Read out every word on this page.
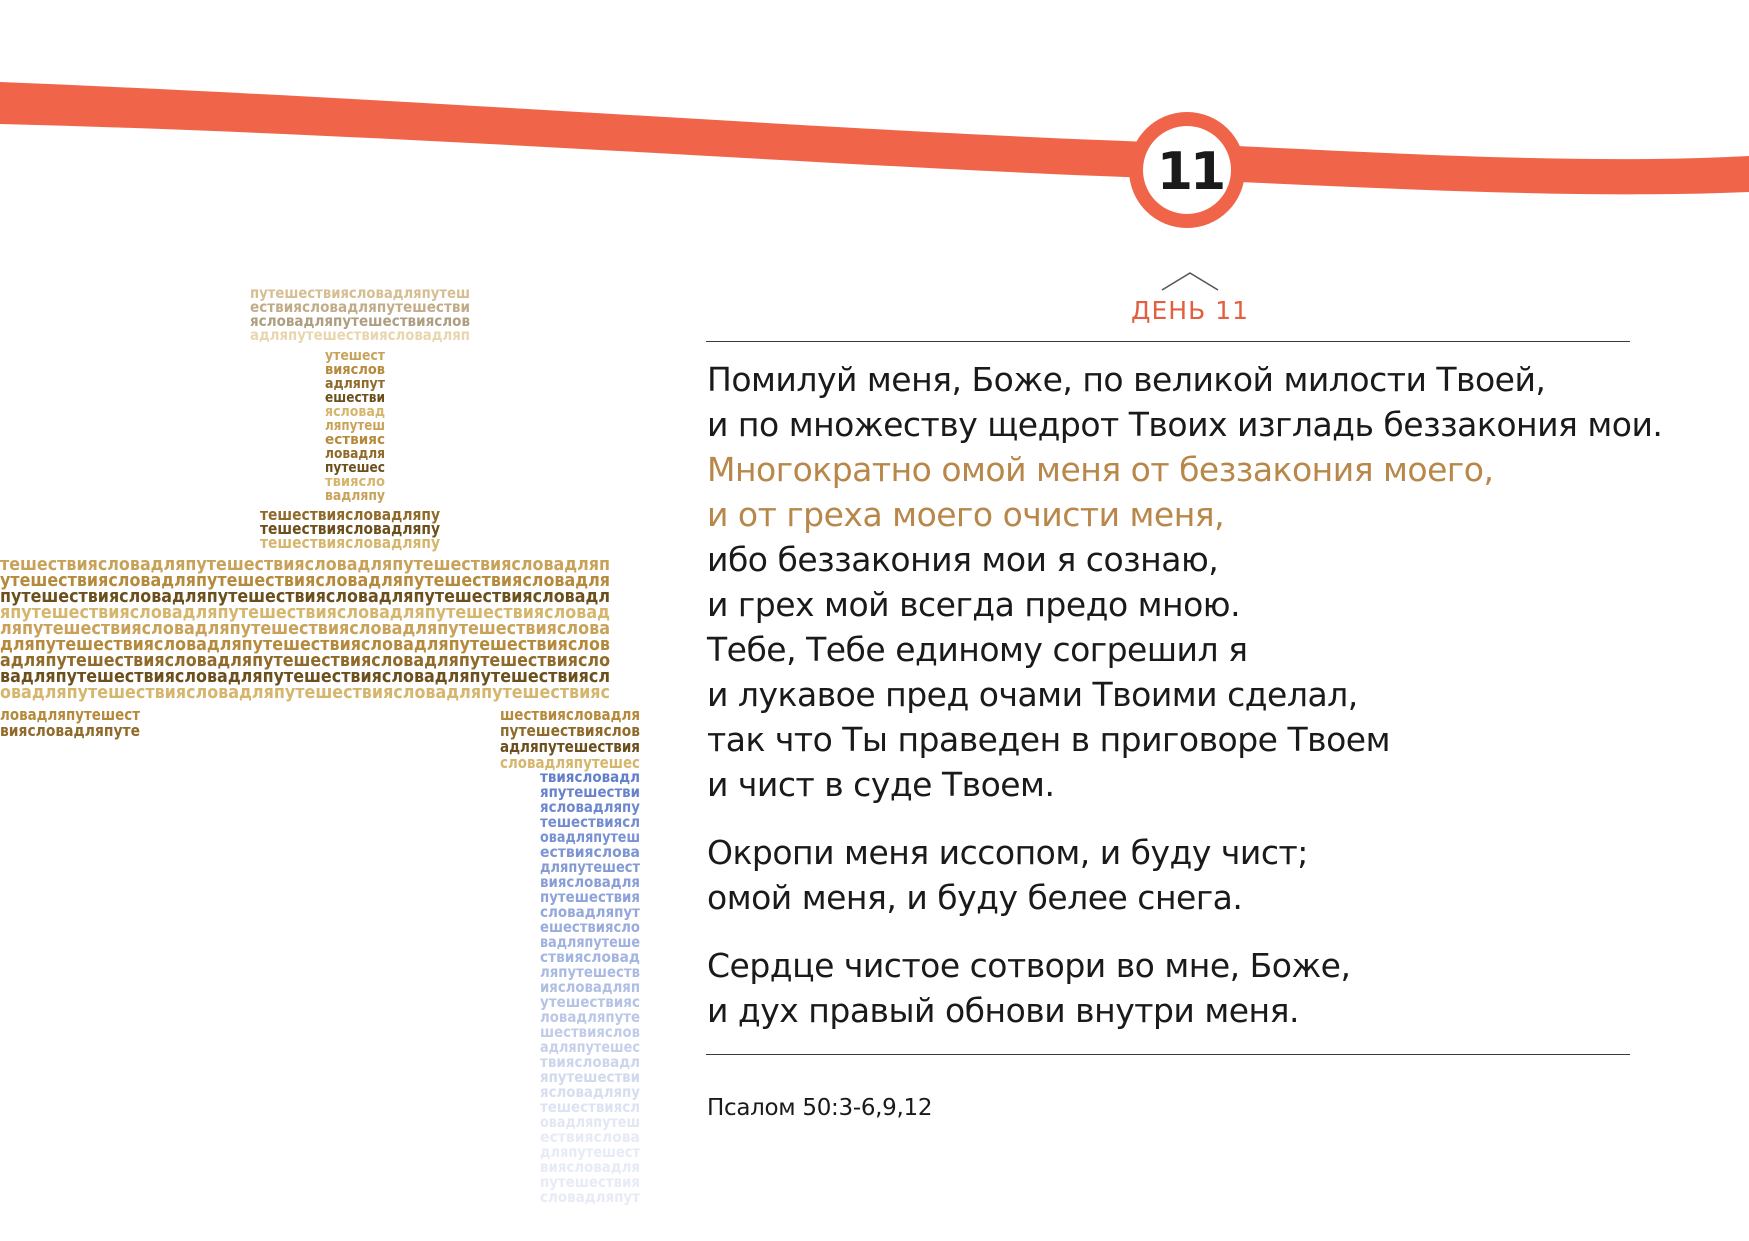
11
путешествиясловадляпутеш
ествиясловадляпутешестви
ясловадляпутешествияслов
адляпутешествиясловадляп
утешест
вияслов
адляпут
ешестви
ясловад
ляпутеш
ествияс
ловадля
путешес
твиясло
вадляпу
тешествиясловадляпу
тешествиясловадляпу
тешествиясловадляпу
тешествиясловадляпутешествиясловадляпутешествиясловадляп
утешествиясловадляпутешествиясловадляпутешествиясловадля
путешествиясловадляпутешествиясловадляпутешествиясловадл
япутешествиясловадляпутешествиясловадляпутешествиясловад
ляпутешествиясловадляпутешествиясловадляпутешествияслова
дляпутешествиясловадляпутешествиясловадляпутешествияслов
адляпутешествиясловадляпутешествиясловадляпутешествиясло
вадляпутешествиясловадляпутешествиясловадляпутешествиясл
овадляпутешествиясловадляпутешествиясловадляпутешествияс
ловадляпутешест
виясловадляпуте
шествиясловадля
путешествияслов
адляпутешествия
словадляпутешес
твиясловадл
япутешестви
ясловадляпу
тешествиясл
овадляпутеш
ествияслова
дляпутешест
виясловадля
путешествия
словадляпут
ешествиясло
вадляпутеше
ствиясловад
ляпутешеств
иясловадляп
утешествияс
ловадляпуте
шествияслов
адляпутешес
твиясловадл
япутешестви
ясловадляпу
тешествиясл
овадляпутеш
ествияслова
дляпутешест
виясловадля
путешествия
словадляпут
ДЕНЬ 11
Помилуй меня, Боже, по великой милости Твоей,
и по множеству щедрот Твоих изгладь беззакония мои.
Многократно омой меня от беззакония моего,
и от греха моего очисти меня,
ибо беззакония мои я сознаю,
и грех мой всегда предо мною.
Тебе, Тебе единому согрешил я
и лукавое пред очами Твоими сделал,
так что Ты праведен в приговоре Твоем
и чист в суде Твоем.
Окропи меня иссопом, и буду чист;
омой меня, и буду белее снега.
Сердце чистое сотвори во мне, Боже,
и дух правый обнови внутри меня.
Псалом 50:3-6,9,12
